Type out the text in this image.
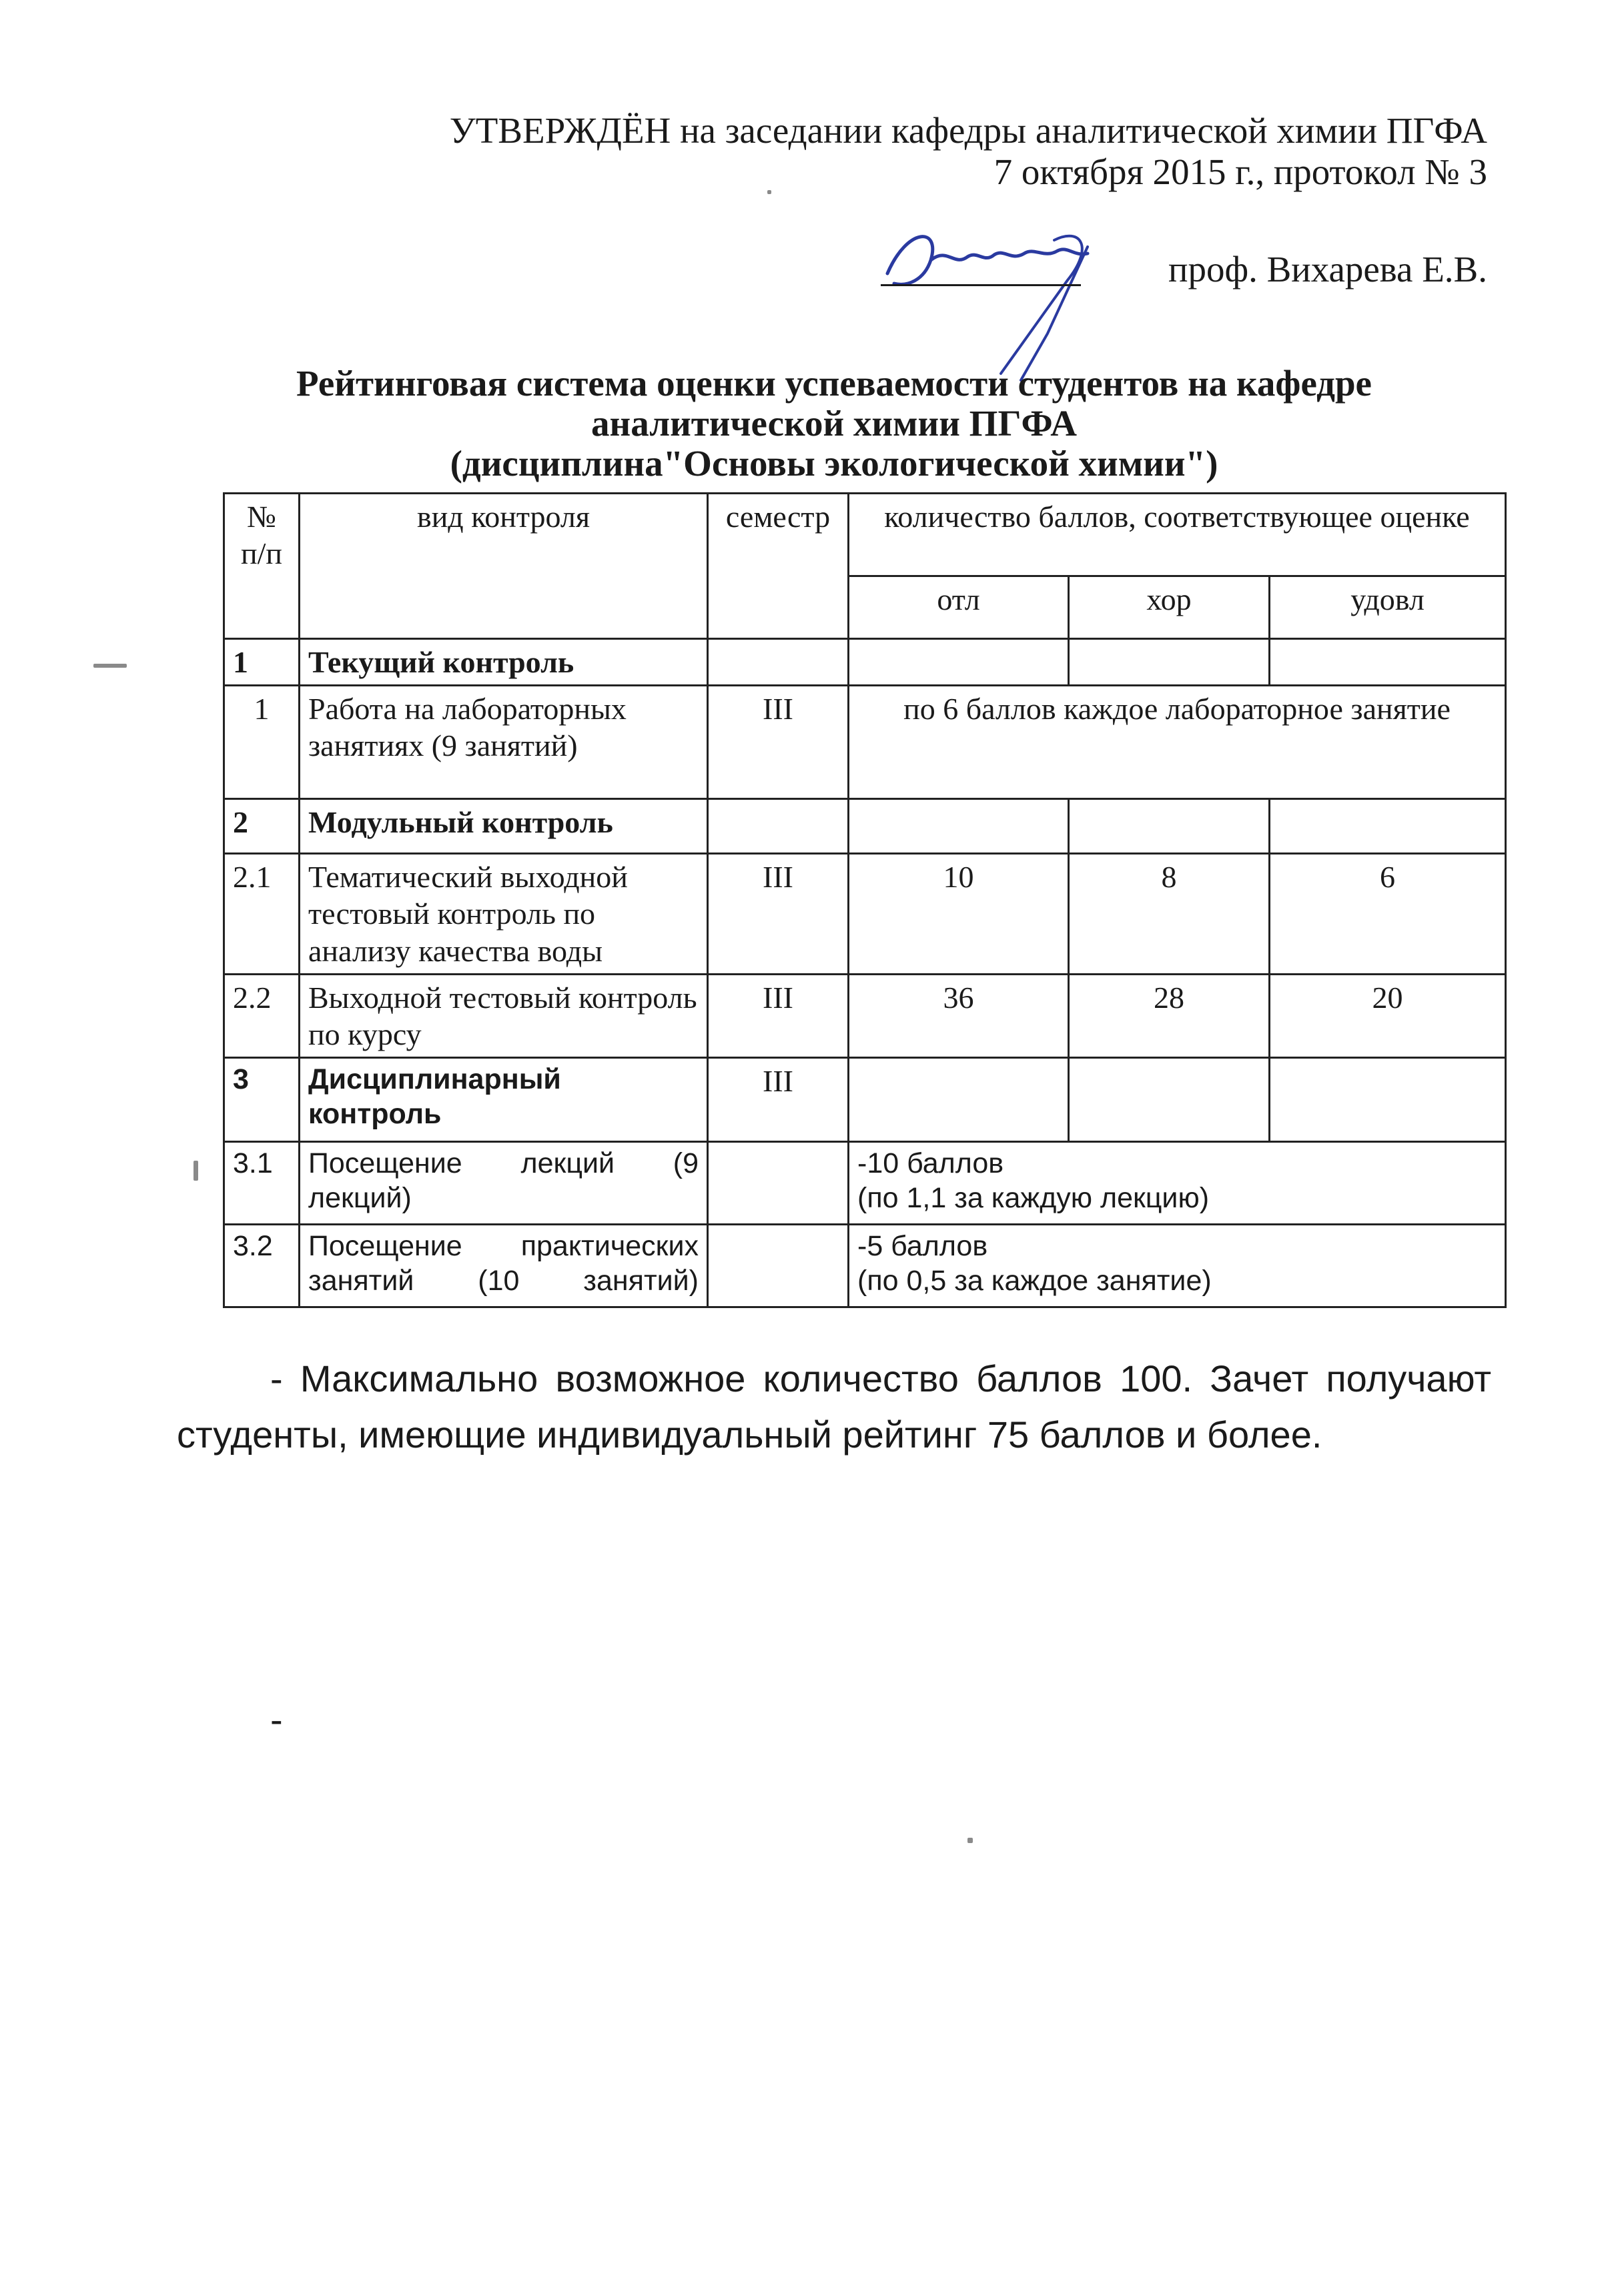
УТВЕРЖДЁН на заседании кафедры аналитической химии ПГФА
7 октября 2015 г., протокол № 3
проф. Вихарева Е.В.
Рейтинговая система оценки успеваемости студентов на кафедре
аналитической химии ПГФА
(дисциплина"Основы экологической химии")
№ п/п	вид контроля	семестр	количество баллов, соответствующее оценке		
			отл	хор	удовл
1	Текущий контроль				
1	Работа на лабораторных занятиях (9 занятий)	III	по 6 баллов каждое лабораторное занятие		
2	Модульный контроль				
2.1	Тематический выходной тестовый контроль по анализу качества воды	III	10	8	6
2.2	Выходной тестовый контроль по курсу	III	36	28	20
3	Дисциплинарный контроль	III			
3.1	Посещение лекций (9 лекций)		-10 баллов
(по 1,1 за каждую лекцию)		

3.2	Посещение практических занятий (10 занятий)		-5 баллов
(по 0,5 за каждое занятие)		
- Максимально возможное количество баллов 100. Зачет получают студенты, имеющие индивидуальный рейтинг 75 баллов и более.
-
